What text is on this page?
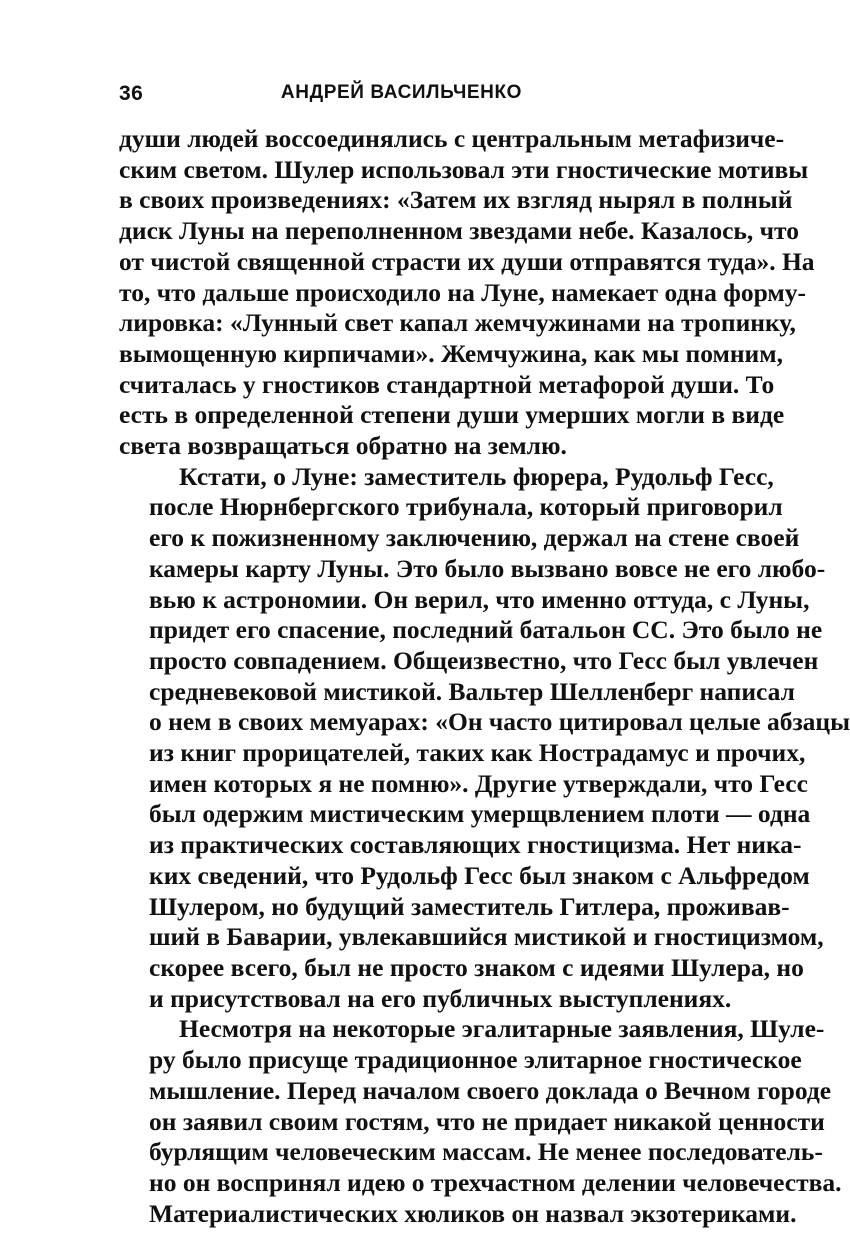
36	АНДРЕЙ ВАСИЛЬЧЕНКО
души людей воссоединялись с центральным метафизиче-
ским светом. Шулер использовал эти гностические мотивы
в своих произведениях: «Затем их взгляд нырял в полный
диск Луны на переполненном звездами небе. Казалось, что
от чистой священной страсти их души отправятся туда». На
то, что дальше происходило на Луне, намекает одна форму-
лировка: «Лунный свет капал жемчужинами на тропинку,
вымощенную кирпичами». Жемчужина, как мы помним,
считалась у гностиков стандартной метафорой души. То
есть в определенной степени души умерших могли в виде
света возвращаться обратно на землю.
Кстати, о Луне: заместитель фюрера, Рудольф Гесс,
после Нюрнбергского трибунала, который приговорил
его к пожизненному заключению, держал на стене своей
камеры карту Луны. Это было вызвано вовсе не его любо-
вью к астрономии. Он верил, что именно оттуда, с Луны,
придет его спасение, последний батальон СС. Это было не
просто совпадением. Общеизвестно, что Гесс был увлечен
средневековой мистикой. Вальтер Шелленберг написал
о нем в своих мемуарах: «Он часто цитировал целые абзацы
из книг прорицателей, таких как Нострадамус и прочих,
имен которых я не помню». Другие утверждали, что Гесс
был одержим мистическим умерщвлением плоти — одна
из практических составляющих гностицизма. Нет ника-
ких сведений, что Рудольф Гесс был знаком с Альфредом
Шулером, но будущий заместитель Гитлера, проживав-
ший в Баварии, увлекавшийся мистикой и гностицизмом,
скорее всего, был не просто знаком с идеями Шулера, но
и присутствовал на его публичных выступлениях.
Несмотря на некоторые эгалитарные заявления, Шуле-
ру было присуще традиционное элитарное гностическое
мышление. Перед началом своего доклада о Вечном городе
он заявил своим гостям, что не придает никакой ценности
бурлящим человеческим массам. Не менее последователь-
но он воспринял идею о трехчастном делении человечества.
Материалистических хюликов он назвал экзотериками.
